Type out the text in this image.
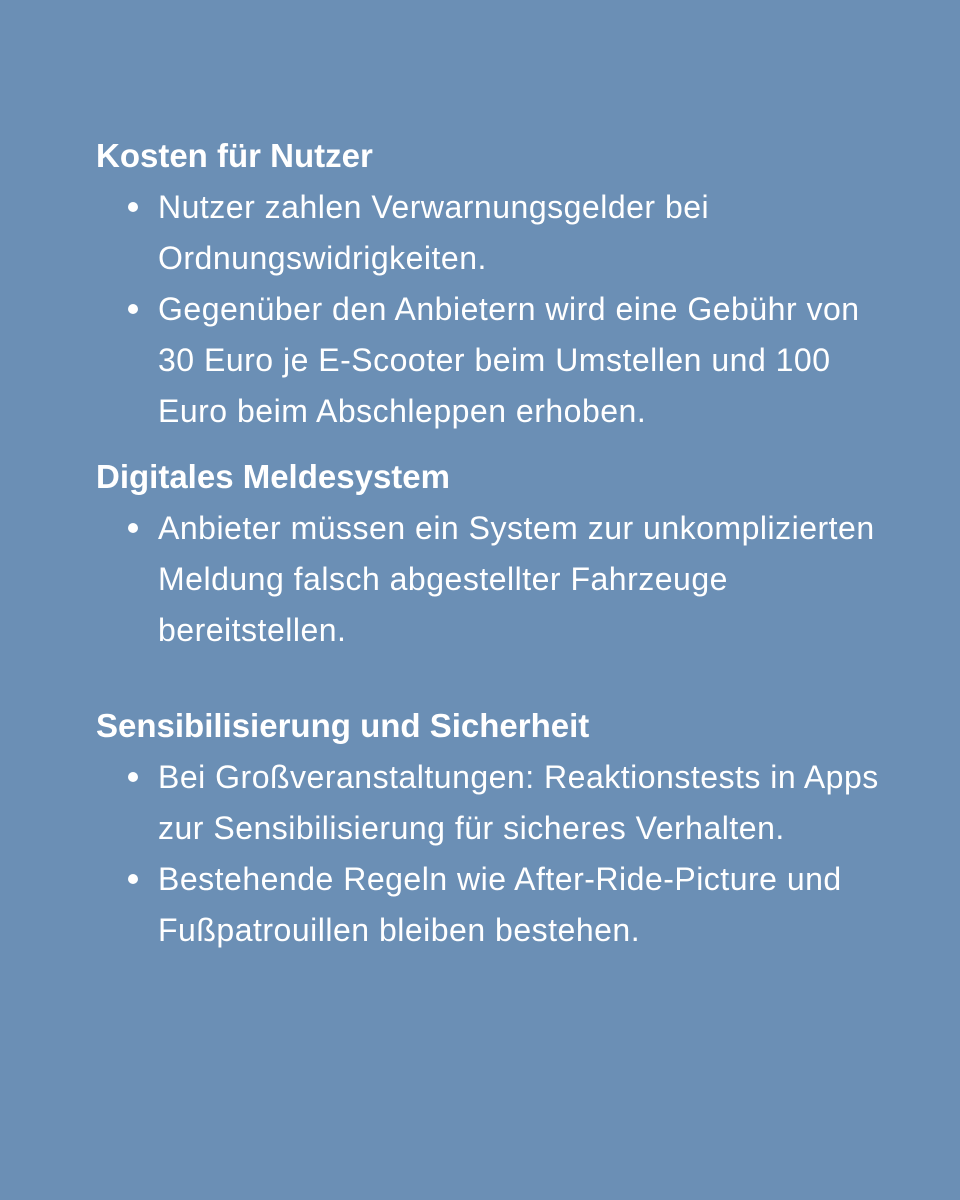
Kosten für Nutzer
Nutzer zahlen Verwarnungsgelder bei Ordnungswidrigkeiten.
Gegenüber den Anbietern wird eine Gebühr von 30 Euro je E-Scooter beim Umstellen und 100 Euro beim Abschleppen erhoben.
Digitales Meldesystem
Anbieter müssen ein System zur unkomplizierten Meldung falsch abgestellter Fahrzeuge bereitstellen.
Sensibilisierung und Sicherheit
Bei Großveranstaltungen: Reaktionstests in Apps zur Sensibilisierung für sicheres Verhalten.
Bestehende Regeln wie After-Ride-Picture und Fußpatrouillen bleiben bestehen.
